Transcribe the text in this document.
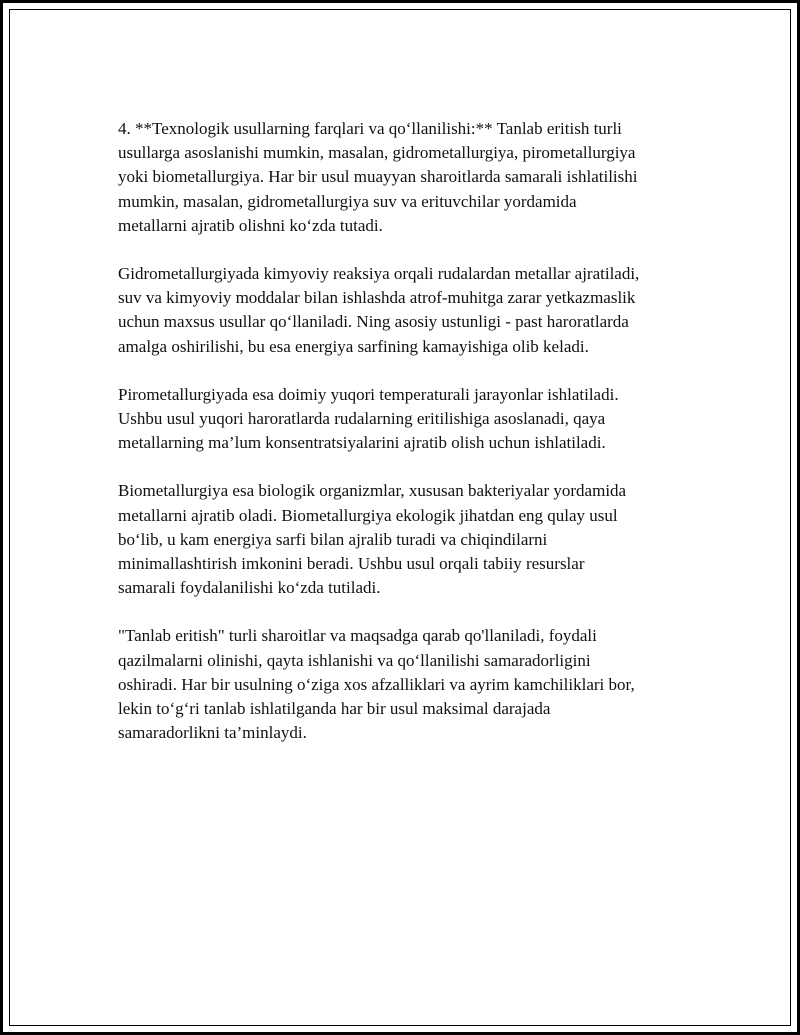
4. **Texnologik usullarning farqlari va qo‘llanilishi:** Tanlab eritish turli
usullarga asoslanishi mumkin, masalan, gidrometallurgiya, pirometallurgiya
yoki biometallurgiya. Har bir usul muayyan sharoitlarda samarali ishlatilishi
mumkin, masalan, gidrometallurgiya suv va erituvchilar yordamida
metallarni ajratib olishni ko‘zda tutadi.

Gidrometallurgiyada kimyoviy reaksiya orqali rudalardan metallar ajratiladi,
suv va kimyoviy moddalar bilan ishlashda atrof-muhitga zarar yetkazmaslik
uchun maxsus usullar qo‘llaniladi. Ning asosiy ustunligi - past haroratlarda
amalga oshirilishi, bu esa energiya sarfining kamayishiga olib keladi.

Pirometallurgiyada esa doimiy yuqori temperaturali jarayonlar ishlatiladi.
Ushbu usul yuqori haroratlarda rudalarning eritilishiga asoslanadi, qaya
metallarning ma’lum konsentratsiyalarini ajratib olish uchun ishlatiladi.

Biometallurgiya esa biologik organizmlar, xususan bakteriyalar yordamida
metallarni ajratib oladi. Biometallurgiya ekologik jihatdan eng qulay usul
bo‘lib, u kam energiya sarfi bilan ajralib turadi va chiqindilarni
minimallashtirish imkonini beradi. Ushbu usul orqali tabiiy resurslar
samarali foydalanilishi ko‘zda tutiladi.

"Tanlab eritish" turli sharoitlar va maqsadga qarab qo'llaniladi, foydali
qazilmalarni olinishi, qayta ishlanishi va qo‘llanilishi samaradorligini
oshiradi. Har bir usulning o‘ziga xos afzalliklari va ayrim kamchiliklari bor,
lekin to‘g‘ri tanlab ishlatilganda har bir usul maksimal darajada
samaradorlikni ta’minlaydi.
